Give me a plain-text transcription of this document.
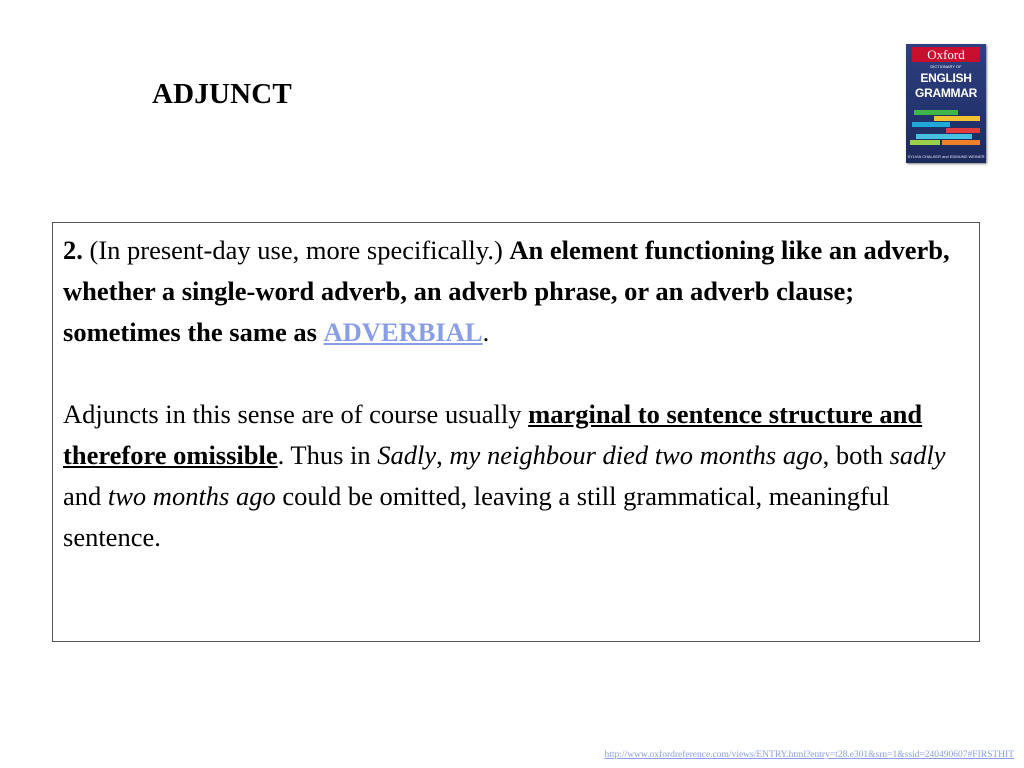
ADJUNCT
Oxford
DICTIONARY OF
ENGLISH
GRAMMAR
SYLVIA CHALKER and EDMUND WEINER

2. (In present-day use, more specifically.) An element functioning like an adverb, whether a single-word adverb, an adverb phrase, or an adverb clause; sometimes the same as ADVERBIAL.

Adjuncts in this sense are of course usually marginal to sentence structure and therefore omissible. Thus in Sadly, my neighbour died two months ago, both sadly and two months ago could be omitted, leaving a still grammatical, meaningful sentence.

http://www.oxfordreference.com/views/ENTRY.html?entry=t28.e301&srn=1&ssid=240490607#FIRSTHIT
